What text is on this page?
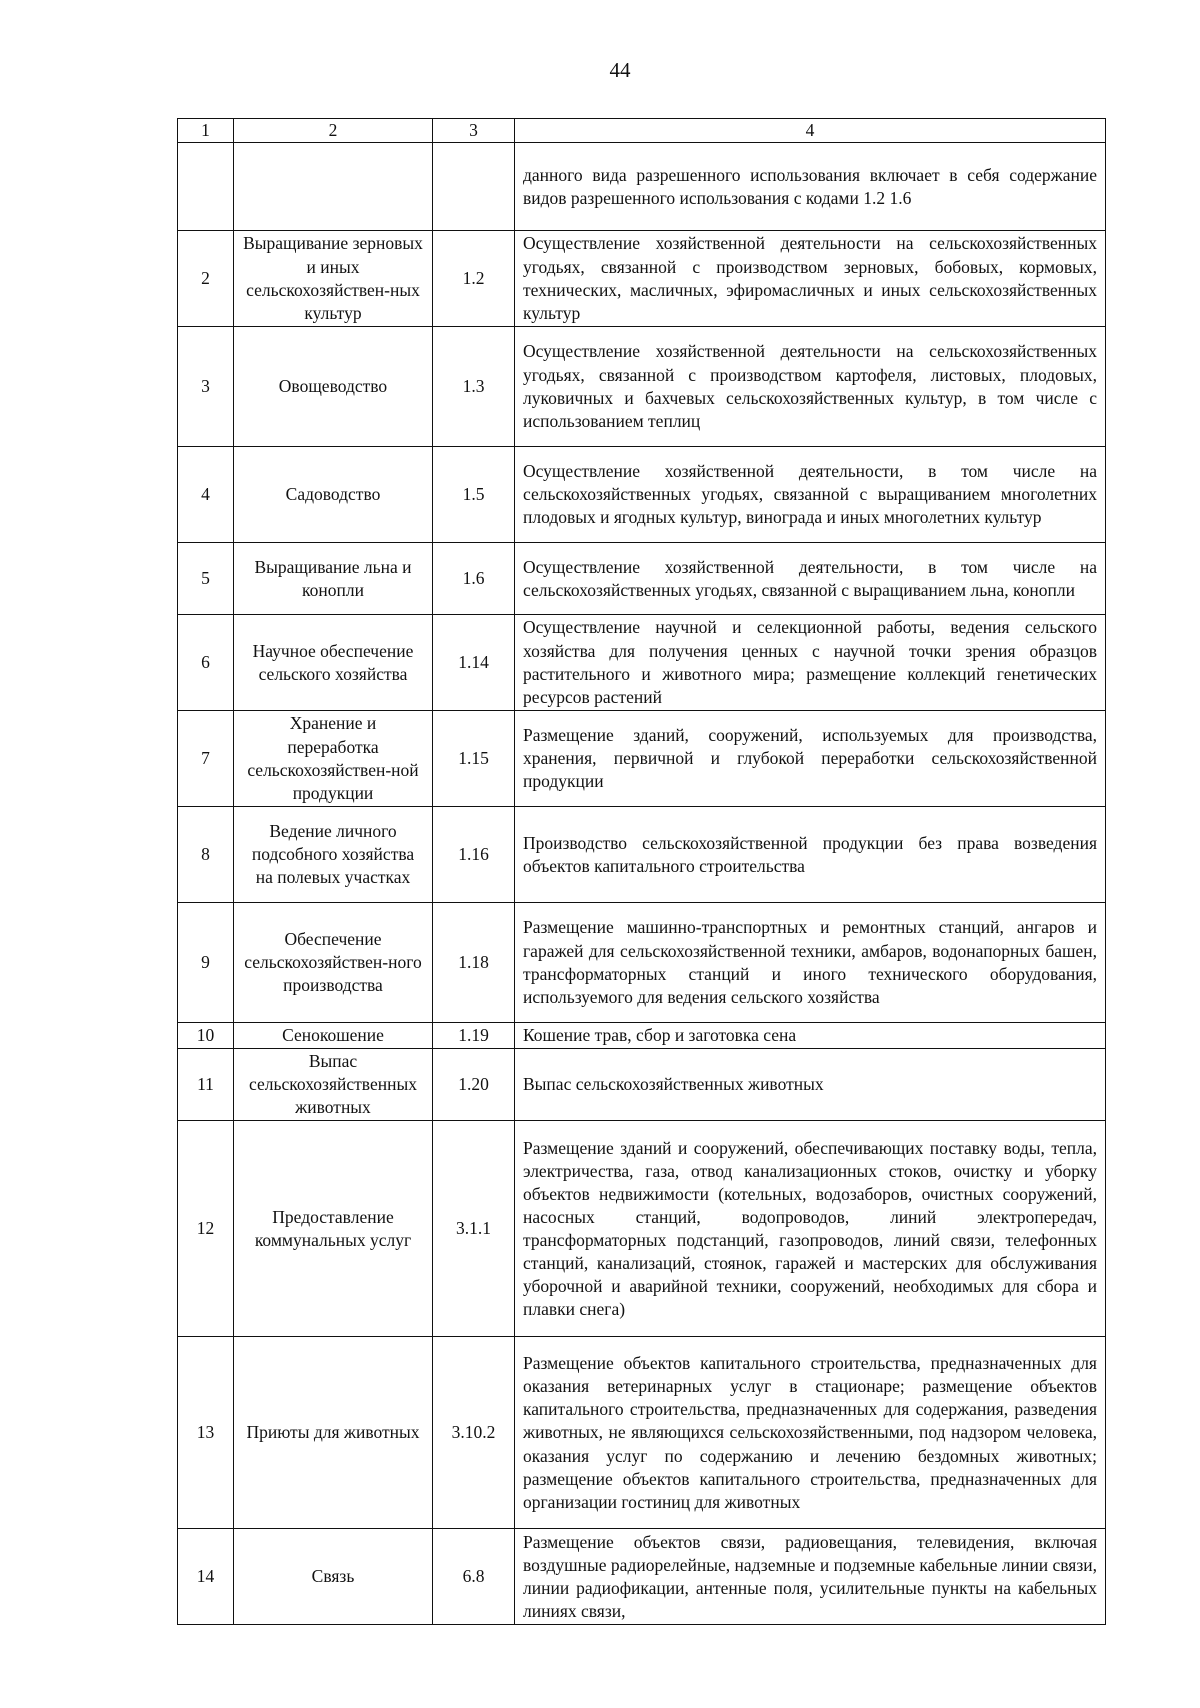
44
1	2	3	4
			данного вида разрешенного использования включает в себя содержание видов разрешенного использования с кодами 1.2 1.6
2	Выращивание зерновых и иных сельскохозяйствен-ных культур	1.2	Осуществление хозяйственной деятельности на сельскохозяйственных угодьях, связанной с производством зерновых, бобовых, кормовых, технических, масличных, эфиромасличных и иных сельскохозяйственных культур
3	Овощеводство	1.3	Осуществление хозяйственной деятельности на сельскохозяйственных угодьях, связанной с производством картофеля, листовых, плодовых, луковичных и бахчевых сельскохозяйственных культур, в том числе с использованием теплиц
4	Садоводство	1.5	Осуществление хозяйственной деятельности, в том числе на сельскохозяйственных угодьях, связанной с выращиванием многолетних плодовых и ягодных культур, винограда и иных многолетних культур
5	Выращивание льна и конопли	1.6	Осуществление хозяйственной деятельности, в том числе на сельскохозяйственных угодьях, связанной с выращиванием льна, конопли
6	Научное обеспечение сельского хозяйства	1.14	Осуществление научной и селекционной работы, ведения сельского хозяйства для получения ценных с научной точки зрения образцов растительного и животного мира; размещение коллекций генетических ресурсов растений
7	Хранение и переработка сельскохозяйствен-ной продукции	1.15	Размещение зданий, сооружений, используемых для производства, хранения, первичной и глубокой переработки сельскохозяйственной продукции
8	Ведение личного подсобного хозяйства на полевых участках	1.16	Производство сельскохозяйственной продукции без права возведения объектов капитального строительства
9	Обеспечение сельскохозяйствен-ного производства	1.18	Размещение машинно-транспортных и ремонтных станций, ангаров и гаражей для сельскохозяйственной техники, амбаров, водонапорных башен, трансформаторных станций и иного технического оборудования, используемого для ведения сельского хозяйства
10	Сенокошение	1.19	Кошение трав, сбор и заготовка сена
11	Выпас сельскохозяйственных животных	1.20	Выпас сельскохозяйственных животных
12	Предоставление коммунальных услуг	3.1.1	Размещение зданий и сооружений, обеспечивающих поставку воды, тепла, электричества, газа, отвод канализационных стоков, очистку и уборку объектов недвижимости (котельных, водозаборов, очистных сооружений, насосных станций, водопроводов, линий электропередач, трансформаторных подстанций, газопроводов, линий связи, телефонных станций, канализаций, стоянок, гаражей и мастерских для обслуживания уборочной и аварийной техники, сооружений, необходимых для сбора и плавки снега)
13	Приюты для животных	3.10.2	Размещение объектов капитального строительства, предназначенных для оказания ветеринарных услуг в стационаре; размещение объектов капитального строительства, предназначенных для содержания, разведения животных, не являющихся сельскохозяйственными, под надзором человека, оказания услуг по содержанию и лечению бездомных животных; размещение объектов капитального строительства, предназначенных для организации гостиниц для животных
14	Связь	6.8	Размещение объектов связи, радиовещания, телевидения, включая воздушные радиорелейные, надземные и подземные кабельные линии связи, линии радиофикации, антенные поля, усилительные пункты на кабельных линиях связи,
